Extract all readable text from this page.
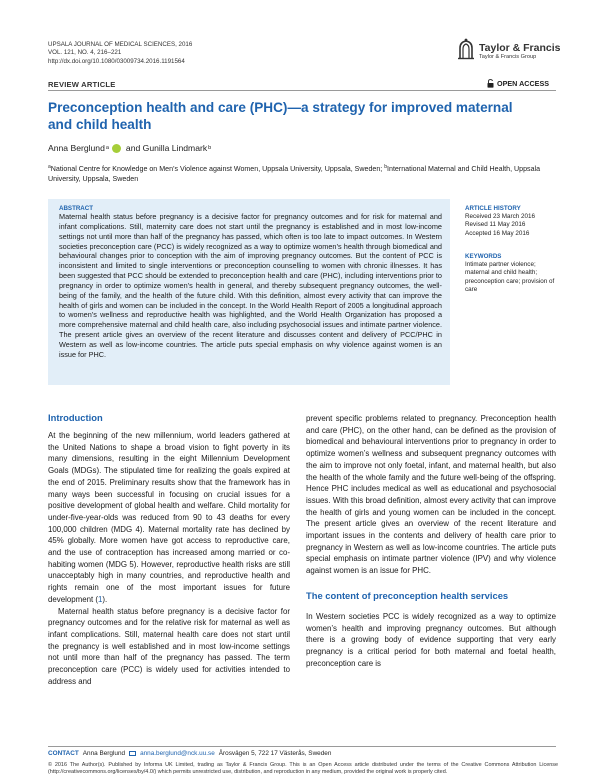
UPSALA JOURNAL OF MEDICAL SCIENCES, 2016
VOL. 121, NO. 4, 216–221
http://dx.doi.org/10.1080/03009734.2016.1191564
Taylor & Francis
Taylor & Francis Group
OPEN ACCESS
REVIEW ARTICLE
Preconception health and care (PHC)—a strategy for improved maternal and child health
Anna Berglund a and Gunilla Lindmark b
$^a$National Centre for Knowledge on Men’s Violence against Women, Uppsala University, Uppsala, Sweden; $^b$International Maternal and Child Health, Uppsala University, Uppsala, Sweden
ABSTRACT

Maternal health status before pregnancy is a decisive factor for pregnancy outcomes and for risk for maternal and infant complications. Still, maternity care does not start until the pregnancy is established and in most low-income settings not until more than half of the pregnancy has passed, which often is too late to impact outcomes. In Western societies preconception care (PCC) is widely recognized as a way to optimize women’s health through biomedical and behavioural changes prior to conception with the aim of improving pregnancy outcomes. But the content of PCC is inconsistent and limited to single interventions or preconception counselling to women with chronic illnesses. It has been suggested that PCC should be extended to preconception health and care (PHC), including interventions prior to pregnancy in order to optimize women’s health in general, and thereby subsequent pregnancy outcomes, the well-being of the family, and the health of the future child. With this definition, almost every activity that can improve the health of girls and women can be included in the concept. In the World Health Report of 2005 a longitudinal approach to women’s wellness and reproductive health was highlighted, and the World Health Organization has proposed a more comprehensive maternal and child health care, also including psychosocial issues and intimate partner violence. The present article gives an overview of the recent literature and discusses content and delivery of PCC/PHC in Western as well as low-income countries. The article puts special emphasis on why violence against women is an issue for PHC.

ARTICLE HISTORY
Received 23 March 2016
Revised 11 May 2016
Accepted 16 May 2016
KEYWORDS
Intimate partner violence; maternal and child health; preconception care; provision of care
Introduction

At the beginning of the new millennium, world leaders gathered at the United Nations to shape a broad vision to fight poverty in its many dimensions, resulting in the eight Millennium Development Goals (MDGs). The stipulated time for realizing the goals expired at the end of 2015. Preliminary results show that the framework has in many ways been successful in focusing on crucial issues for a positive development of global health and welfare. Child mortality for under-five-year-olds was reduced from 90 to 43 deaths for every 100,000 children (MDG 4). Maternal mortality rate has declined by 45% globally. More women have got access to reproductive care, and the use of contraception has increased among married or co-habiting women (MDG 5). However, reproductive health risks are still unacceptably high in many countries, and reproductive health and rights remain one of the most important issues for future development (1).

Maternal health status before pregnancy is a decisive factor for pregnancy outcomes and for the relative risk for maternal as well as infant complications. Still, maternal health care does not start until the pregnancy is well established and in most low-income settings not until more than half of the pregnancy has passed. The term preconception care (PCC) is widely used for activities intended to address and

prevent specific problems related to pregnancy. Preconception health and care (PHC), on the other hand, can be defined as the provision of biomedical and behavioural interventions prior to pregnancy in order to optimize women’s wellness and subsequent pregnancy outcomes with the aim to improve not only foetal, infant, and maternal health, but also the health of the whole family and the future well-being of the offspring. Hence PHC includes medical as well as educational and psychosocial issues. With this broad definition, almost every activity that can improve the health of girls and young women can be included in the concept. The present article gives an overview of the recent literature and important issues in the contents and delivery of health care prior to pregnancy in Western as well as low-income countries. The article puts special emphasis on intimate partner violence (IPV) and why violence against women is an issue for PHC.

The content of preconception health services

In Western societies PCC is widely recognized as a way to optimize women’s health and improving pregnancy outcomes. But although there is a growing body of evidence supporting that very early pregnancy is a critical period for both maternal and foetal health, preconception care is

CONTACT Anna Berglund anna.berglund@nck.uu.se Årosvägen 5, 722 17 Västerås, Sweden

© 2016 The Author(s). Published by Informa UK Limited, trading as Taylor & Francis Group. This is an Open Access article distributed under the terms of the Creative Commons Attribution License (http://creativecommons.org/licenses/by/4.0/) which permits unrestricted use, distribution, and reproduction in any medium, provided the original work is properly cited.
